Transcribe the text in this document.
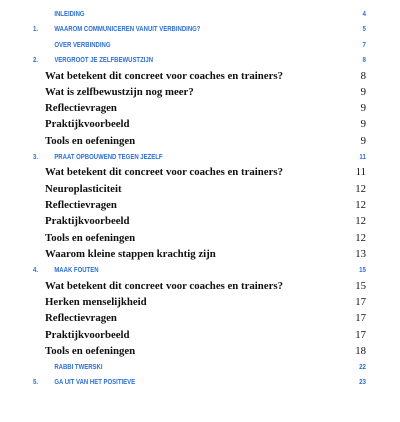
INLEIDING	4
1. WAAROM COMMUNICEREN VANUIT VERBINDING?	5
OVER VERBINDING	7
2. VERGROOT JE ZELFBEWUSTZIJN	8
Wat betekent dit concreet voor coaches en trainers?	8
Wat is zelfbewustzijn nog meer?	9
Reflectievragen	9
Praktijkvoorbeeld	9
Tools en oefeningen	9
3. PRAAT OPBOUWEND TEGEN JEZELF	11
Wat betekent dit concreet voor coaches en trainers?	11
Neuroplasticiteit	12
Reflectievragen	12
Praktijkvoorbeeld	12
Tools en oefeningen	12
Waarom kleine stappen krachtig zijn	13
4. MAAK FOUTEN	15
Wat betekent dit concreet voor coaches en trainers?	15
Herken menselijkheid	17
Reflectievragen	17
Praktijkvoorbeeld	17
Tools en oefeningen	18
RABBI TWERSKI	22
5. GA UIT VAN HET POSITIEVE	23
